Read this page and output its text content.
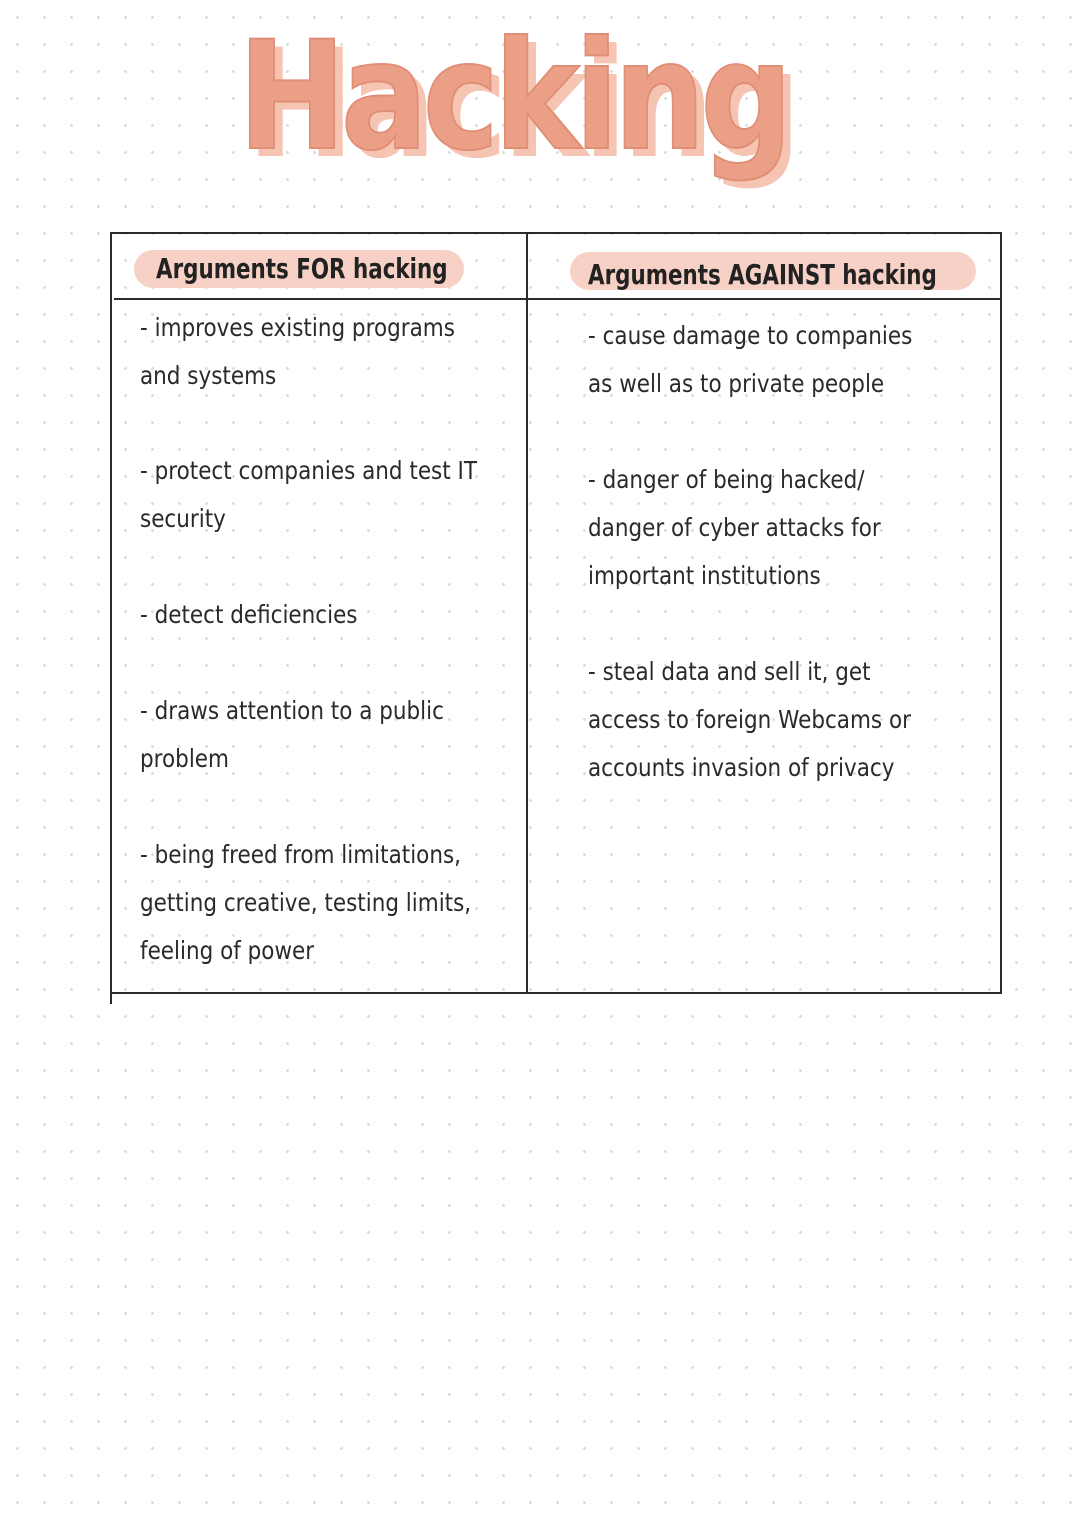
Hacking
Arguments FOR hacking	Arguments AGAINST hacking
- improves existing programs
and systems
- protect companies and test IT
security
- detect deficiencies
- draws attention to a public
problem
- being freed from limitations,
getting creative, testing limits,
feeling of power
- cause damage to companies
as well as to private people
- danger of being hacked/
danger of cyber attacks for
important institutions
- steal data and sell it, get
access to foreign Webcams or
accounts invasion of privacy
